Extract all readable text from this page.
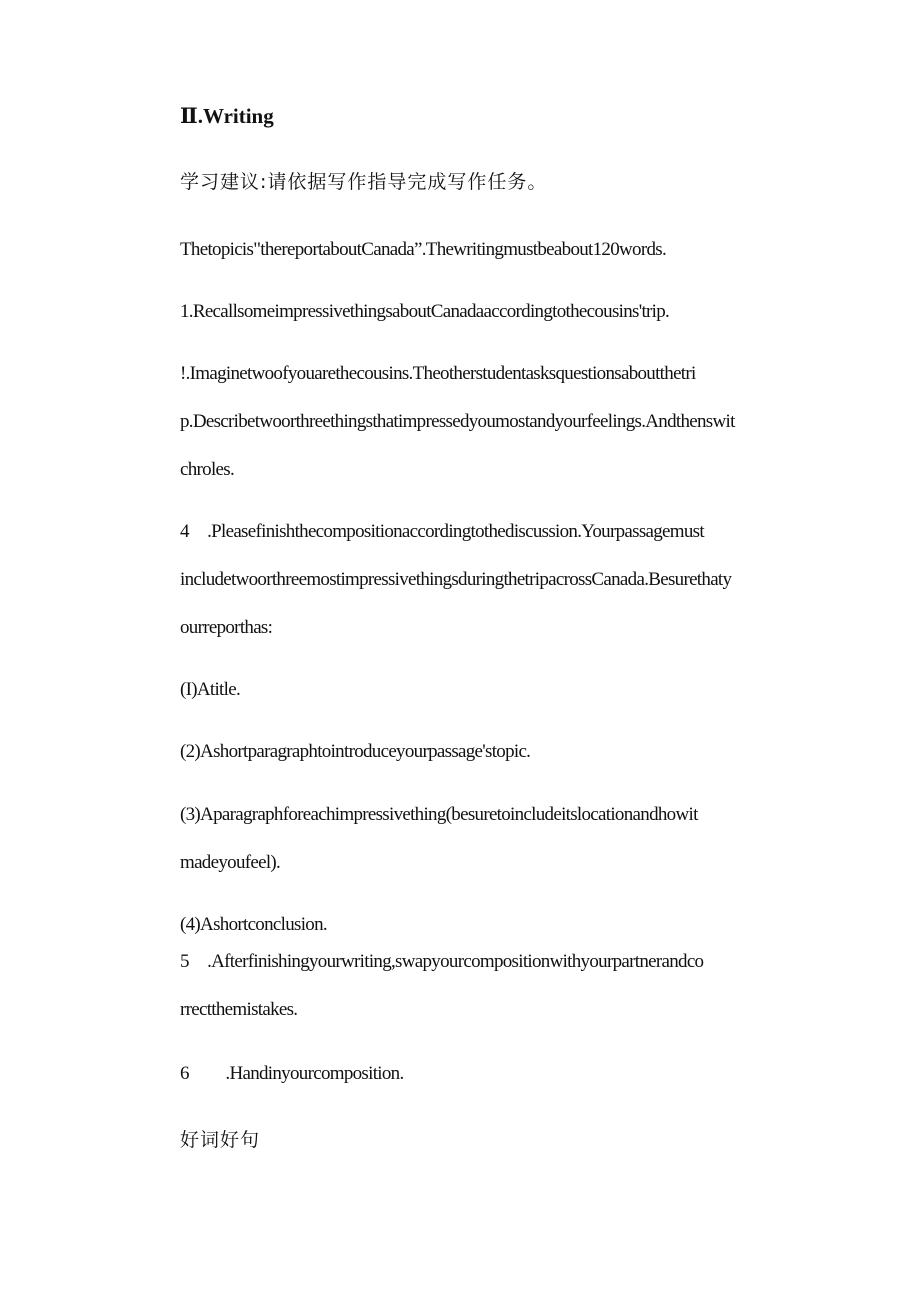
Ⅱ.Writing
学习建议:请依据写作指导完成写作任务。
Thetopicis"thereportaboutCanada”.Thewritingmustbeabout120words.
1.RecallsomeimpressivethingsaboutCanadaaccordingtothecousins'trip.
!.Imaginetwoofyouarethecousins.Theotherstudentasksquestionsaboutthetri
p.Describetwoorthreethingsthatimpressedyoumostandyourfeelings.Andthenswit
chroles.
4 .Pleasefinishthecompositionaccordingtothediscussion.Yourpassagemust
includetwoorthreemostimpressivethingsduringthetripacrossCanada.Besurethaty
ourreporthas:
(I)Atitle.
(2)Ashortparagraphtointroduceyourpassage'stopic.
(3)Aparagraphforeachimpressivething(besuretoincludeitslocationandhowit
madeyoufeel).
(4)Ashortconclusion.
5 .Afterfinishingyourwriting,swapyourcompositionwithyourpartnerandco
rrectthemistakes.
6  .Handinyourcomposition.
好词好句
